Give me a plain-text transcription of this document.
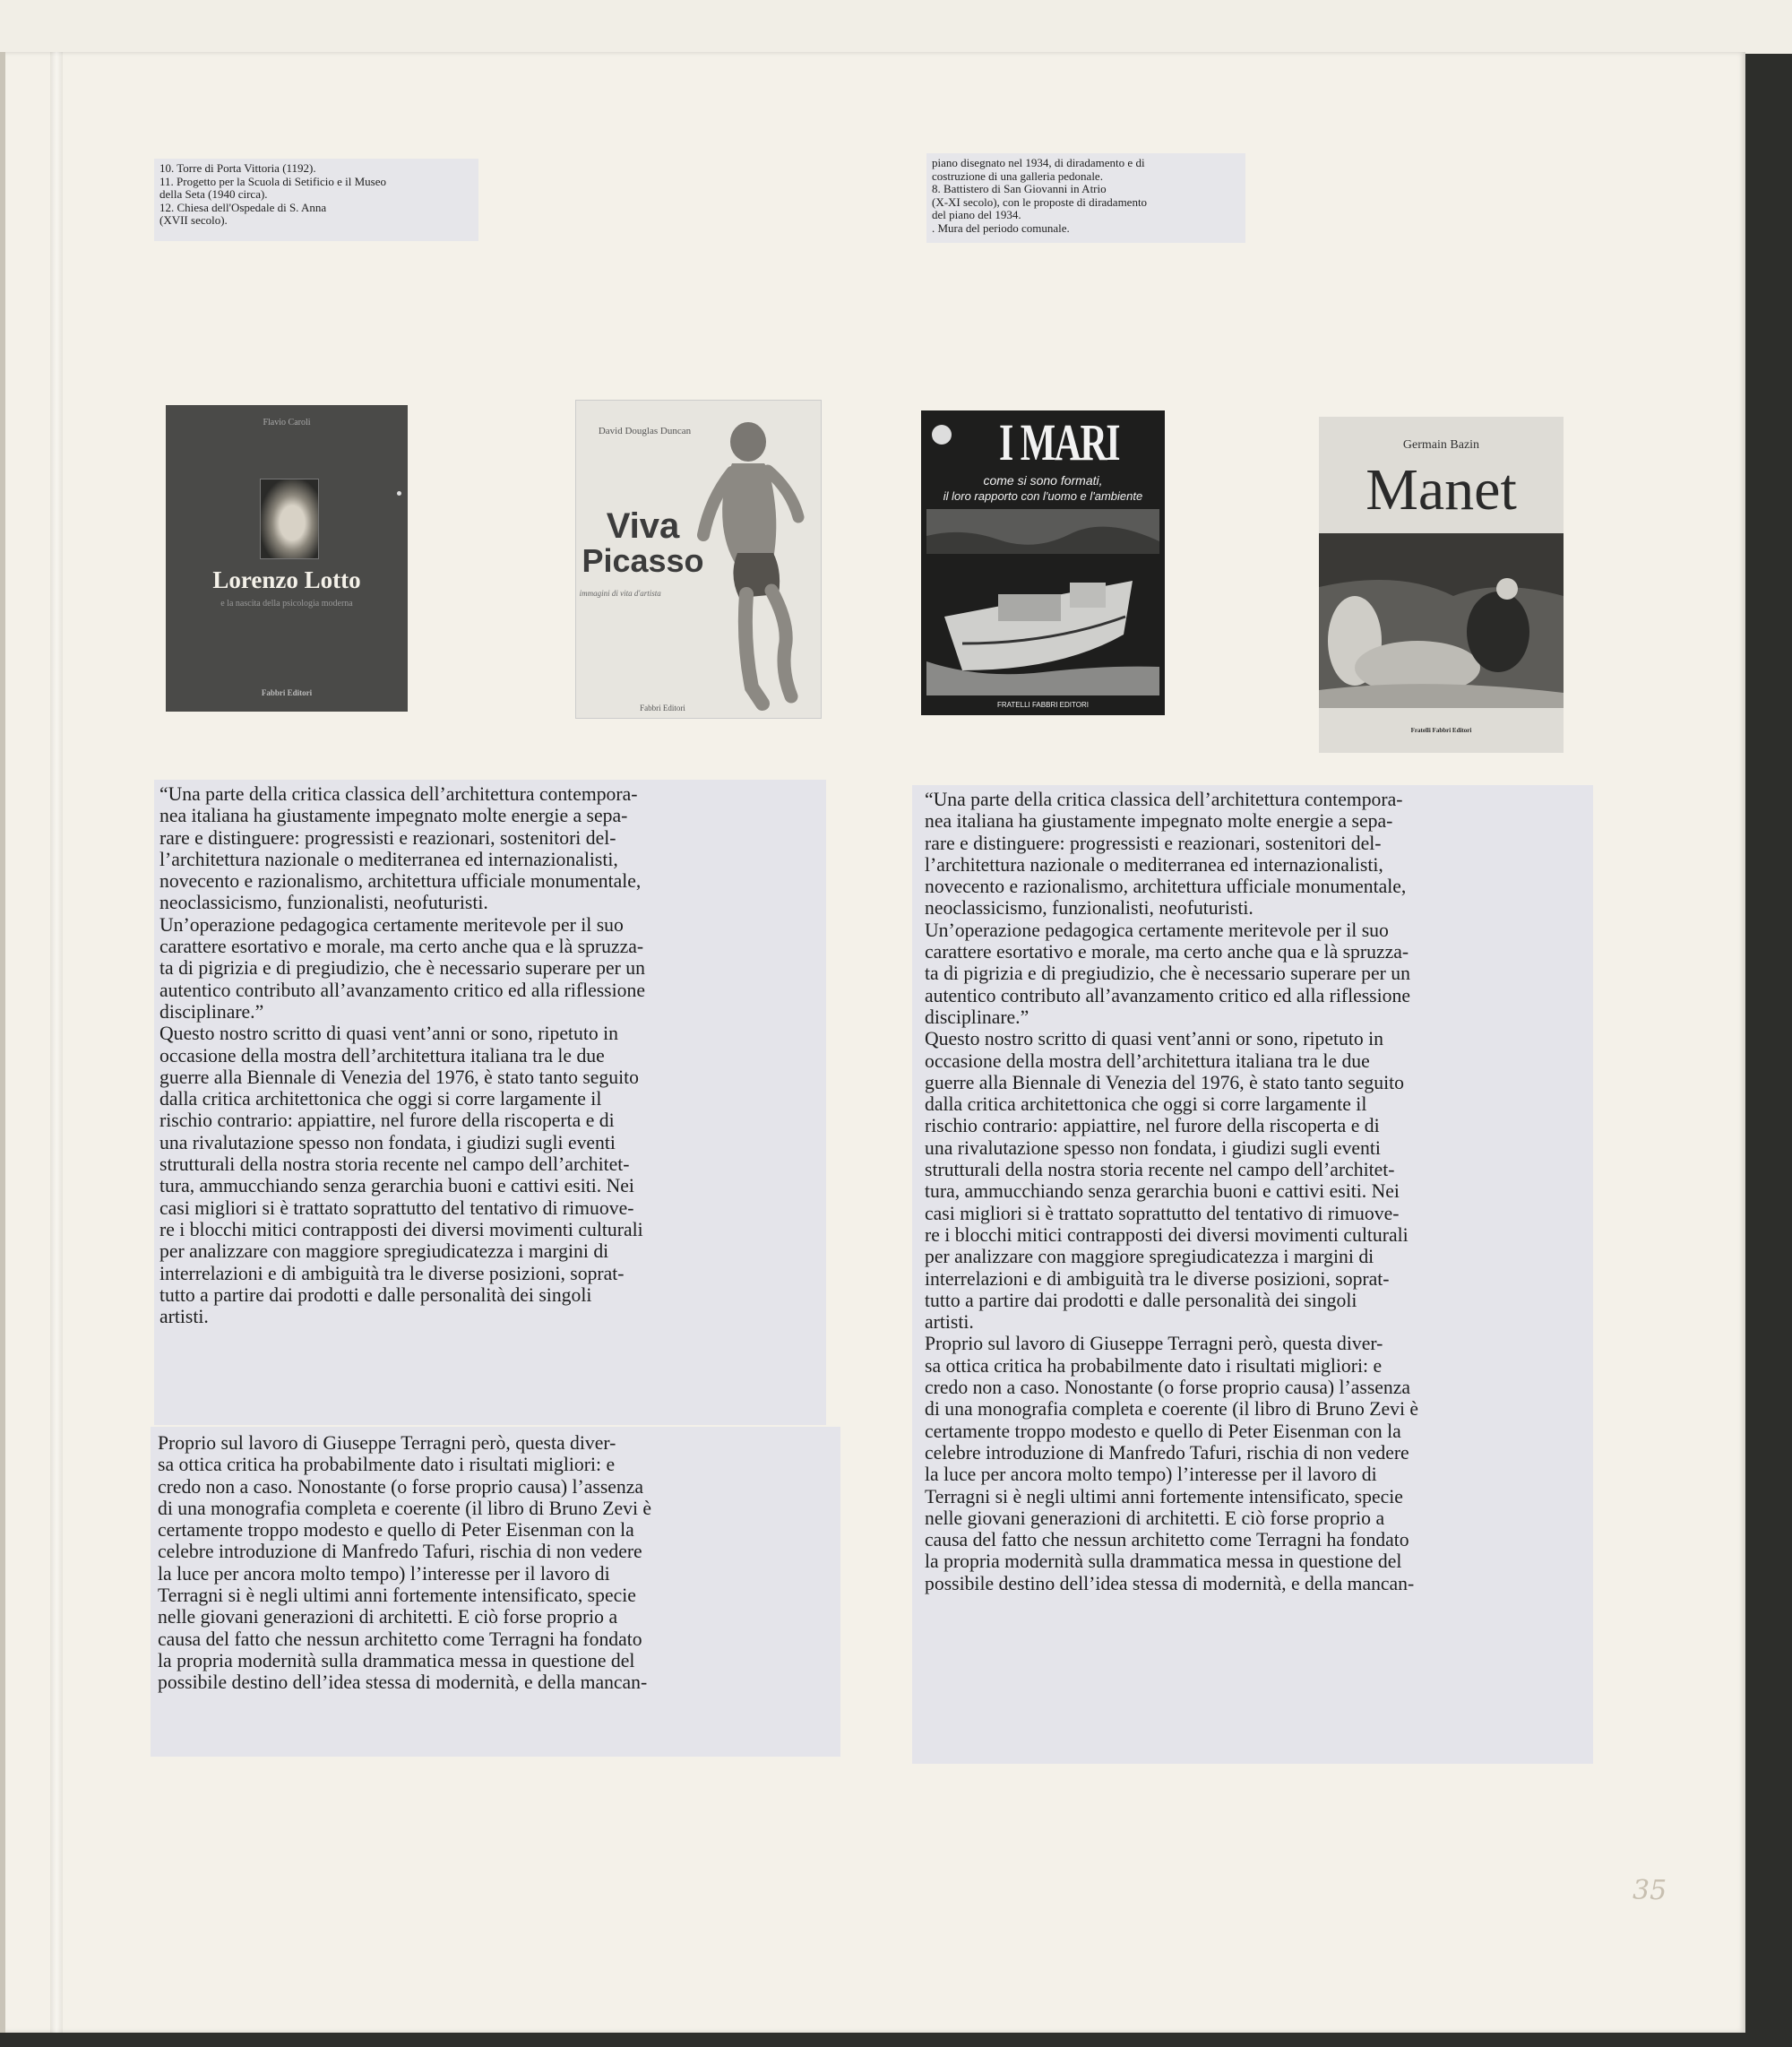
10. Torre di Porta Vittoria (1192).

11. Progetto per la Scuola di Setificio e il Museo

della Seta (1940 circa).

12. Chiesa dell'Ospedale di S. Anna

(XVII secolo).

piano disegnato nel 1934, di diradamento e di

costruzione di una galleria pedonale.

8. Battistero di San Giovanni in Atrio

(X-XI secolo), con le proposte di diradamento

del piano del 1934.

. Mura del periodo comunale.

Flavio Caroli
Lorenzo Lotto
e la nascita della psicologia moderna
Fabbri Editori
David Douglas Duncan
Viva
Picasso
immagini di vita d'artista
Fabbri Editori
I MARI
come si sono formati,
il loro rapporto con l'uomo e l'ambiente
FRATELLI FABBRI EDITORI
Germain Bazin
Manet
Fratelli Fabbri Editori

“Una parte della critica classica dell’architettura contempora-

nea italiana ha giustamente impegnato molte energie a sepa-

rare e distinguere: progressisti e reazionari, sostenitori del-

l’architettura nazionale o mediterranea ed internazionalisti,

novecento e razionalismo, architettura ufficiale monumentale,

neoclassicismo, funzionalisti, neofuturisti.

Un’operazione pedagogica certamente meritevole per il suo

carattere esortativo e morale, ma certo anche qua e là spruzza-

ta di pigrizia e di pregiudizio, che è necessario superare per un

autentico contributo all’avanzamento critico ed alla riflessione

disciplinare.”

Questo nostro scritto di quasi vent’anni or sono, ripetuto in

occasione della mostra dell’architettura italiana tra le due

guerre alla Biennale di Venezia del 1976, è stato tanto seguito

dalla critica architettonica che oggi si corre largamente il

rischio contrario: appiattire, nel furore della riscoperta e di

una rivalutazione spesso non fondata, i giudizi sugli eventi

strutturali della nostra storia recente nel campo dell’architet-

tura, ammucchiando senza gerarchia buoni e cattivi esiti. Nei

casi migliori si è trattato soprattutto del tentativo di rimuove-

re i blocchi mitici contrapposti dei diversi movimenti culturali

per analizzare con maggiore spregiudicatezza i margini di

interrelazioni e di ambiguità tra le diverse posizioni, soprat-

tutto a partire dai prodotti e dalle personalità dei singoli

artisti.

Proprio sul lavoro di Giuseppe Terragni però, questa diver-

sa ottica critica ha probabilmente dato i risultati migliori: e

credo non a caso. Nonostante (o forse proprio causa) l’assenza

di una monografia completa e coerente (il libro di Bruno Zevi è

certamente troppo modesto e quello di Peter Eisenman con la

celebre introduzione di Manfredo Tafuri, rischia di non vedere

la luce per ancora molto tempo) l’interesse per il lavoro di

Terragni si è negli ultimi anni fortemente intensificato, specie

nelle giovani generazioni di architetti. E ciò forse proprio a

causa del fatto che nessun architetto come Terragni ha fondato

la propria modernità sulla drammatica messa in questione del

possibile destino dell’idea stessa di modernità, e della mancan-

“Una parte della critica classica dell’architettura contempora-

nea italiana ha giustamente impegnato molte energie a sepa-

rare e distinguere: progressisti e reazionari, sostenitori del-

l’architettura nazionale o mediterranea ed internazionalisti,

novecento e razionalismo, architettura ufficiale monumentale,

neoclassicismo, funzionalisti, neofuturisti.

Un’operazione pedagogica certamente meritevole per il suo

carattere esortativo e morale, ma certo anche qua e là spruzza-

ta di pigrizia e di pregiudizio, che è necessario superare per un

autentico contributo all’avanzamento critico ed alla riflessione

disciplinare.”

Questo nostro scritto di quasi vent’anni or sono, ripetuto in

occasione della mostra dell’architettura italiana tra le due

guerre alla Biennale di Venezia del 1976, è stato tanto seguito

dalla critica architettonica che oggi si corre largamente il

rischio contrario: appiattire, nel furore della riscoperta e di

una rivalutazione spesso non fondata, i giudizi sugli eventi

strutturali della nostra storia recente nel campo dell’architet-

tura, ammucchiando senza gerarchia buoni e cattivi esiti. Nei

casi migliori si è trattato soprattutto del tentativo di rimuove-

re i blocchi mitici contrapposti dei diversi movimenti culturali

per analizzare con maggiore spregiudicatezza i margini di

interrelazioni e di ambiguità tra le diverse posizioni, soprat-

tutto a partire dai prodotti e dalle personalità dei singoli

artisti.

Proprio sul lavoro di Giuseppe Terragni però, questa diver-

sa ottica critica ha probabilmente dato i risultati migliori: e

credo non a caso. Nonostante (o forse proprio causa) l’assenza

di una monografia completa e coerente (il libro di Bruno Zevi è

certamente troppo modesto e quello di Peter Eisenman con la

celebre introduzione di Manfredo Tafuri, rischia di non vedere

la luce per ancora molto tempo) l’interesse per il lavoro di

Terragni si è negli ultimi anni fortemente intensificato, specie

nelle giovani generazioni di architetti. E ciò forse proprio a

causa del fatto che nessun architetto come Terragni ha fondato

la propria modernità sulla drammatica messa in questione del

possibile destino dell’idea stessa di modernità, e della mancan-

35
